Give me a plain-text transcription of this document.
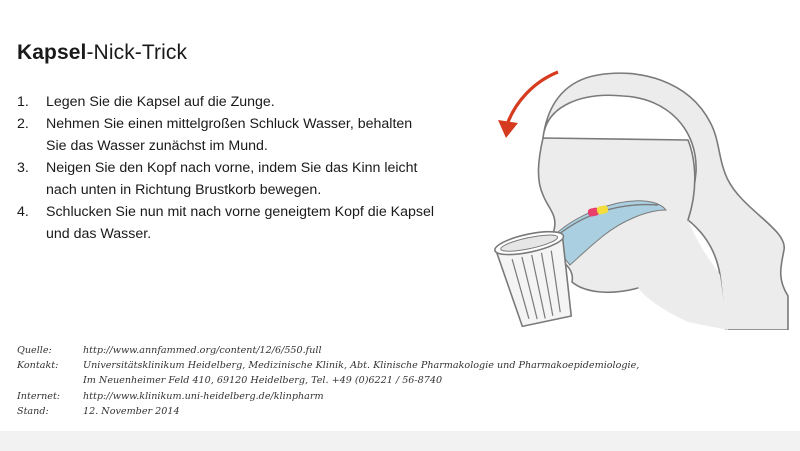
Kapsel-Nick-Trick
1.	Legen Sie die Kapsel auf die Zunge.
2.	Nehmen Sie einen mittelgroßen Schluck Wasser, behalten
Sie das Wasser zunächst im Mund.
3.	Neigen Sie den Kopf nach vorne, indem Sie das Kinn leicht
nach unten in Richtung Brustkorb bewegen.
4.	Schlucken Sie nun mit nach vorne geneigtem Kopf die Kapsel
und das Wasser.
Quelle:	http://www.annfammed.org/content/12/6/550.full
Kontakt:	Universitätsklinikum Heidelberg, Medizinische Klinik, Abt. Klinische Pharmakologie und Pharmakoepidemiologie,
Im Neuenheimer Feld 410, 69120 Heidelberg, Tel. +49 (0)6221 / 56-8740
Internet:	http://www.klinikum.uni-heidelberg.de/klinpharm
Stand:	12. November 2014
